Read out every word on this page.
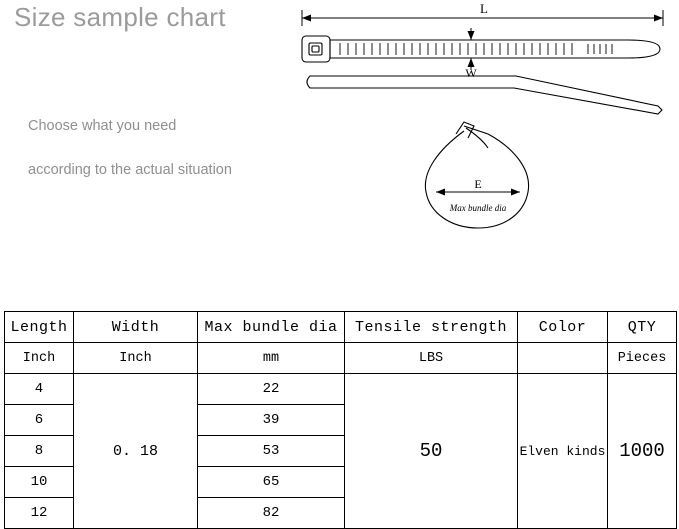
Size sample chart
Choose what you need
according to the actual situation
L
W
E
Max bundle dia
Length	Width	Max bundle dia	Tensile strength	Color	QTY
Inch	Inch	mm	LBS		Pieces
4	0. 18	22	50	Elven kinds	1000
6		39			
8		53			
10		65			
12		82			
